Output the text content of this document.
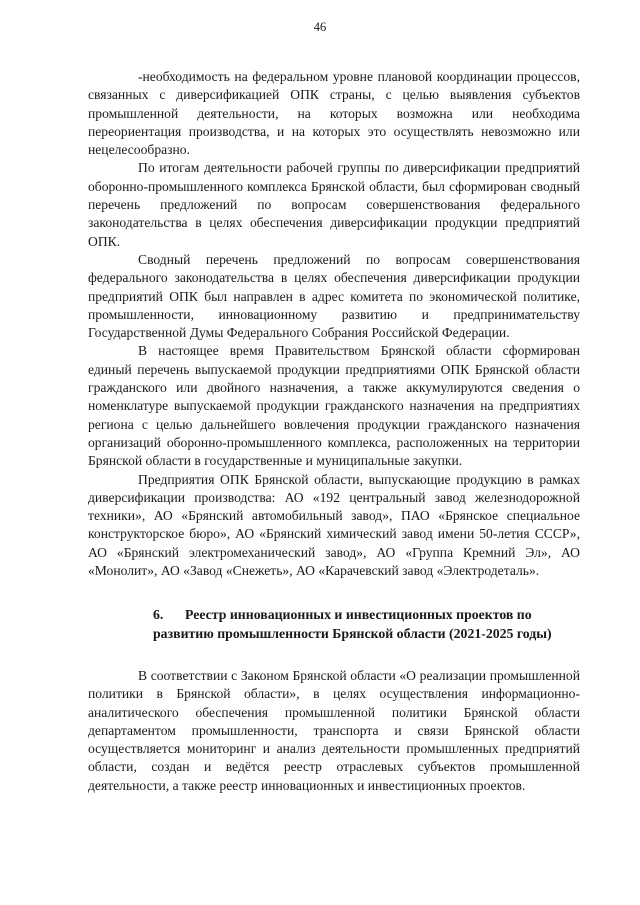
46

-необходимость на федеральном уровне плановой координации процессов, связанных с диверсификацией ОПК страны, с целью выявления субъектов промышленной деятельности, на которых возможна или необходима переориентация производства, и на которых это осуществлять невозможно или нецелесообразно.

По итогам деятельности рабочей группы по диверсификации предприятий оборонно-промышленного комплекса Брянской области, был сформирован сводный перечень предложений по вопросам совершенствования федерального законодательства в целях обеспечения диверсификации продукции предприятий ОПК.

Сводный перечень предложений по вопросам совершенствования федерального законодательства в целях обеспечения диверсификации продукции предприятий ОПК был направлен в адрес комитета по экономической политике, промышленности, инновационному развитию и предпринимательству Государственной Думы Федерального Собрания Российской Федерации.

В настоящее время Правительством Брянской области сформирован единый перечень выпускаемой продукции предприятиями ОПК Брянской области гражданского или двойного назначения, а также аккумулируются сведения о номенклатуре выпускаемой продукции гражданского назначения на предприятиях региона с целью дальнейшего вовлечения продукции гражданского назначения организаций оборонно-промышленного комплекса, расположенных на территории Брянской области в государственные и муниципальные закупки.

Предприятия ОПК Брянской области, выпускающие продукцию в рамках диверсификации производства: АО «192 центральный завод железнодорожной техники», АО «Брянский автомобильный завод», ПАО «Брянское специальное конструкторское бюро», АО «Брянский химический завод имени 50-летия СССР», АО «Брянский электромеханический завод», АО «Группа Кремний Эл», АО «Монолит», АО «Завод «Снежеть», АО «Карачевский завод «Электродеталь».

6. Реестр инновационных и инвестиционных проектов по
развитию промышленности Брянской области (2021-2025 годы)

В соответствии с Законом Брянской области «О реализации промышленной политики в Брянской области», в целях осуществления информационно-аналитического обеспечения промышленной политики Брянской области департаментом промышленности, транспорта и связи Брянской области осуществляется мониторинг и анализ деятельности промышленных предприятий области, создан и ведётся реестр отраслевых субъектов промышленной деятельности, а также реестр инновационных и инвестиционных проектов.
